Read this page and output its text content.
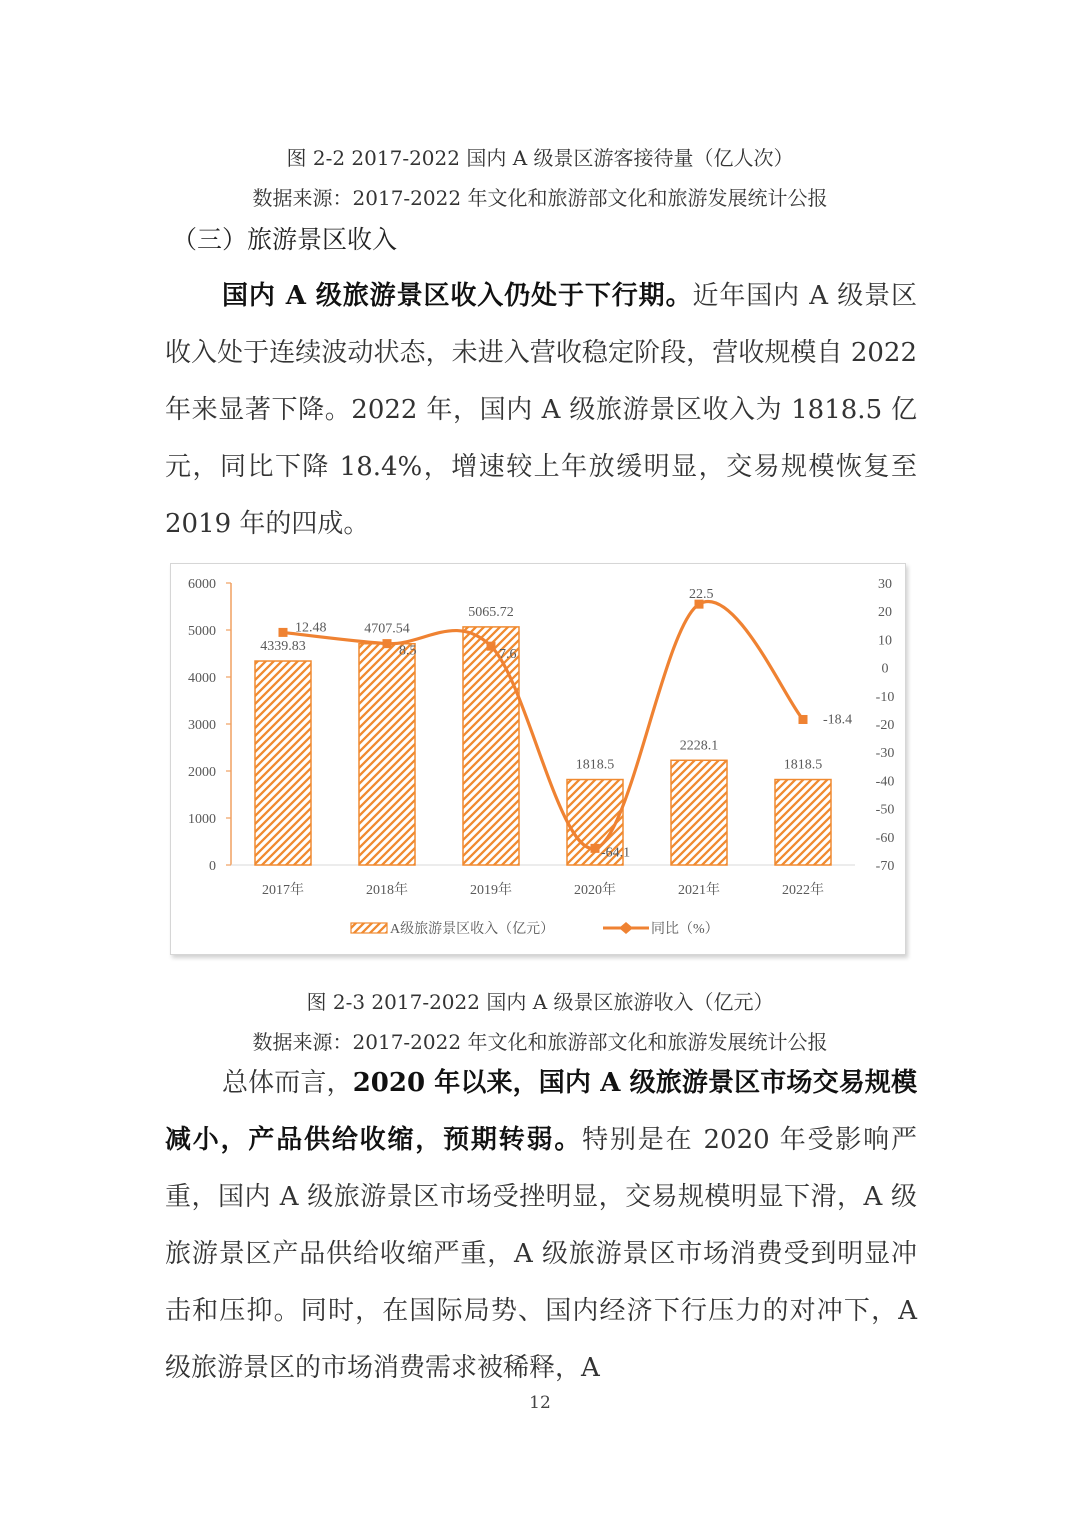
图 2-2 2017-2022 国内 A 级景区游客接待量（亿人次）
数据来源：2017-2022 年文化和旅游部文化和旅游发展统计公报
（三）旅游景区收入

国内 A 级旅游景区收入仍处于下行期。近年国内 A 级景区收入处于连续波动状态，未进入营收稳定阶段，营收规模自 2022 年来显著下降。2022 年，国内 A 级旅游景区收入为 1818.5 亿元，同比下降 18.4%，增速较上年放缓明显，交易规模恢复至 2019 年的四成。

0
1000
2000
3000
4000
5000
6000	30
20
10
0
-10
-20
-30
-40
-50
-60
-70
2017年	2018年	2019年	2020年	2021年	2022年
4339.83
4707.54
5065.72
1818.5
2228.1
1818.5
12.48
8.5	7.6
-64.1
22.5
-18.4
A级旅游景区收入（亿元）	同比（%）
图 2-3 2017-2022 国内 A 级景区旅游收入（亿元）
数据来源：2017-2022 年文化和旅游部文化和旅游发展统计公报

总体而言，2020 年以来，国内 A 级旅游景区市场交易规模减小，产品供给收缩，预期转弱。特别是在 2020 年受影响严重，国内 A 级旅游景区市场受挫明显，交易规模明显下滑，A 级旅游景区产品供给收缩严重，A 级旅游景区市场消费受到明显冲击和压抑。同时，在国际局势、国内经济下行压力的对冲下，A 级旅游景区的市场消费需求被稀释，A

12
